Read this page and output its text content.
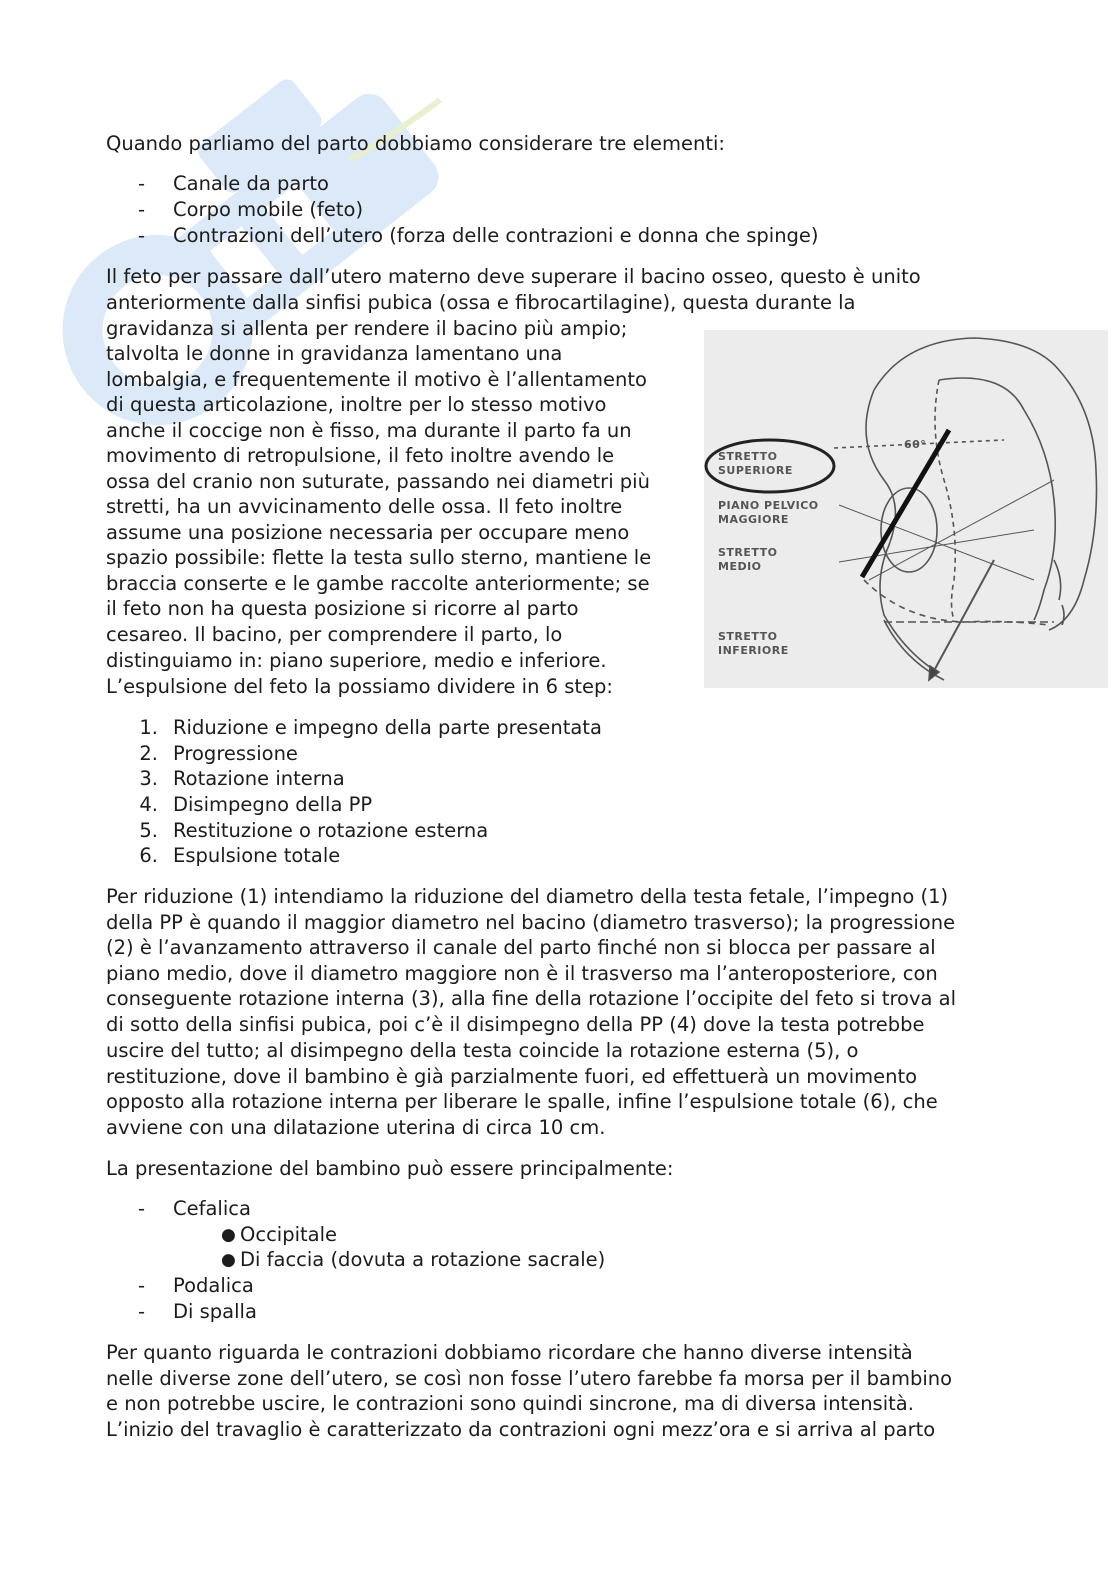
Quando parliamo del parto dobbiamo considerare tre elementi:
- Canale da parto
- Corpo mobile (feto)
- Contrazioni dell’utero (forza delle contrazioni e donna che spinge)
Il feto per passare dall’utero materno deve superare il bacino osseo, questo è unito
anteriormente dalla sinfisi pubica (ossa e fibrocartilagine), questa durante la
gravidanza si allenta per rendere il bacino più ampio;
talvolta le donne in gravidanza lamentano una
lombalgia, e frequentemente il motivo è l’allentamento
di questa articolazione, inoltre per lo stesso motivo
anche il coccige non è fisso, ma durante il parto fa un
movimento di retropulsione, il feto inoltre avendo le
ossa del cranio non suturate, passando nei diametri più
stretti, ha un avvicinamento delle ossa. Il feto inoltre
assume una posizione necessaria per occupare meno
spazio possibile: flette la testa sullo sterno, mantiene le
braccia conserte e le gambe raccolte anteriormente; se
il feto non ha questa posizione si ricorre al parto
cesareo. Il bacino, per comprendere il parto, lo
distinguiamo in: piano superiore, medio e inferiore.
L’espulsione del feto la possiamo dividere in 6 step:
1. Riduzione e impegno della parte presentata
2. Progressione
3. Rotazione interna
4. Disimpegno della PP
5. Restituzione o rotazione esterna
6. Espulsione totale
Per riduzione (1) intendiamo la riduzione del diametro della testa fetale, l’impegno (1)
della PP è quando il maggior diametro nel bacino (diametro trasverso); la progressione
(2) è l’avanzamento attraverso il canale del parto finché non si blocca per passare al
piano medio, dove il diametro maggiore non è il trasverso ma l’anteroposteriore, con
conseguente rotazione interna (3), alla fine della rotazione l’occipite del feto si trova al
di sotto della sinfisi pubica, poi c’è il disimpegno della PP (4) dove la testa potrebbe
uscire del tutto; al disimpegno della testa coincide la rotazione esterna (5), o
restituzione, dove il bambino è già parzialmente fuori, ed effettuerà un movimento
opposto alla rotazione interna per liberare le spalle, infine l’espulsione totale (6), che
avviene con una dilatazione uterina di circa 10 cm.
La presentazione del bambino può essere principalmente:
- Cefalica
● Occipitale
● Di faccia (dovuta a rotazione sacrale)
- Podalica
- Di spalla
Per quanto riguarda le contrazioni dobbiamo ricordare che hanno diverse intensità
nelle diverse zone dell’utero, se così non fosse l’utero farebbe fa morsa per il bambino
e non potrebbe uscire, le contrazioni sono quindi sincrone, ma di diversa intensità.
L’inizio del travaglio è caratterizzato da contrazioni ogni mezz’ora e si arriva al parto
60°
STRETTO
SUPERIORE
PIANO PELVICO
MAGGIORE
STRETTO
MEDIO
STRETTO
INFERIORE
